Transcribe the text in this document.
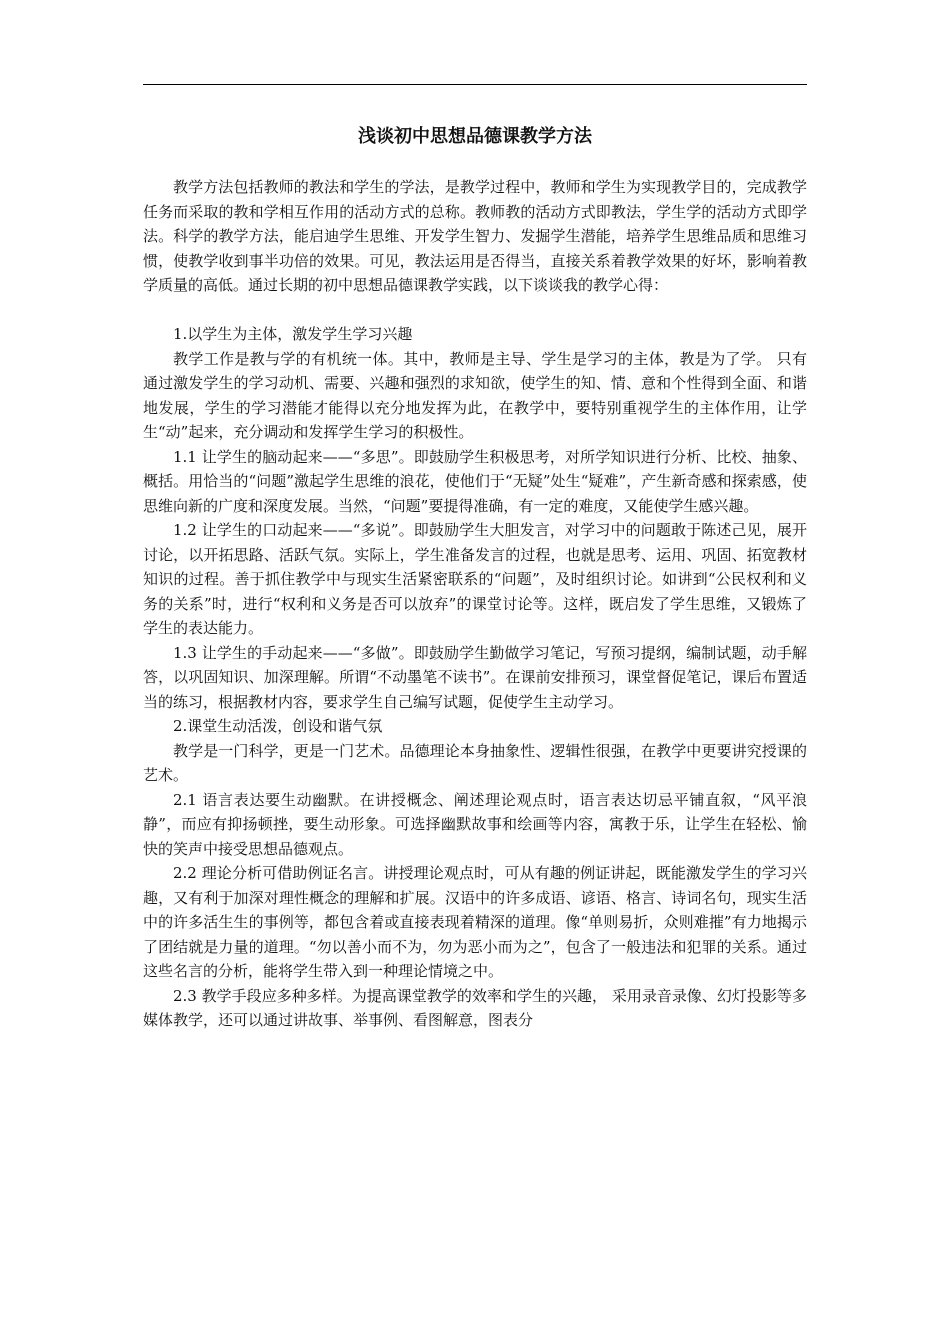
浅谈初中思想品德课教学方法

教学方法包括教师的教法和学生的学法，是教学过程中，教师和学生为实现教学目的，完成教学任务而采取的教和学相互作用的活动方式的总称。教师教的活动方式即教法，学生学的活动方式即学法。科学的教学方法，能启迪学生思维、开发学生智力、发掘学生潜能，培养学生思维品质和思维习惯，使教学收到事半功倍的效果。可见，教法运用是否得当，直接关系着教学效果的好坏，影响着教学质量的高低。通过长期的初中思想品德课教学实践，以下谈谈我的教学心得：

1.以学生为主体，激发学生学习兴趣

教学工作是教与学的有机统一体。其中，教师是主导、学生是学习的主体，教是为了学。 只有通过激发学生的学习动机、需要、兴趣和强烈的求知欲，使学生的知、情、意和个性得到全面、和谐地发展，学生的学习潜能才能得以充分地发挥为此，在教学中，要特别重视学生的主体作用，让学生“动”起来，充分调动和发挥学生学习的积极性。

1.1 让学生的脑动起来——“多思”。即鼓励学生积极思考，对所学知识进行分析、比校、抽象、概括。用恰当的“问题”激起学生思维的浪花，使他们于“无疑”处生“疑难”，产生新奇感和探索感，使思维向新的广度和深度发展。当然，“问题”要提得准确，有一定的难度，又能使学生感兴趣。

1.2 让学生的口动起来——“多说”。即鼓励学生大胆发言，对学习中的问题敢于陈述己见，展开讨论，以开拓思路、活跃气氛。实际上，学生准备发言的过程，也就是思考、运用、巩固、拓宽教材知识的过程。善于抓住教学中与现实生活紧密联系的“问题”，及时组织讨论。如讲到“公民权利和义务的关系”时，进行“权利和义务是否可以放弃”的课堂讨论等。这样，既启发了学生思维，又锻炼了学生的表达能力。

1.3 让学生的手动起来——“多做”。即鼓励学生勤做学习笔记，写预习提纲，编制试题，动手解答，以巩固知识、加深理解。所谓“不动墨笔不读书”。在课前安排预习，课堂督促笔记，课后布置适当的练习，根据教材内容，要求学生自己编写试题，促使学生主动学习。

2.课堂生动活泼，创设和谐气氛

教学是一门科学，更是一门艺术。品德理论本身抽象性、逻辑性很强，在教学中更要讲究授课的艺术。

2.1 语言表达要生动幽默。在讲授概念、阐述理论观点时，语言表达切忌平铺直叙，“风平浪静”，而应有抑扬顿挫，要生动形象。可选择幽默故事和绘画等内容，寓教于乐，让学生在轻松、愉快的笑声中接受思想品德观点。

2.2 理论分析可借助例证名言。讲授理论观点时，可从有趣的例证讲起，既能激发学生的学习兴趣，又有利于加深对理性概念的理解和扩展。汉语中的许多成语、谚语、格言、诗词名句，现实生活中的许多活生生的事例等，都包含着或直接表现着精深的道理。像“单则易折，众则难摧”有力地揭示了团结就是力量的道理。“勿以善小而不为，勿为恶小而为之”，包含了一般违法和犯罪的关系。通过这些名言的分析，能将学生带入到一种理论情境之中。

2.3 教学手段应多种多样。为提高课堂教学的效率和学生的兴趣， 采用录音录像、幻灯投影等多媒体教学，还可以通过讲故事、举事例、看图解意，图表分
